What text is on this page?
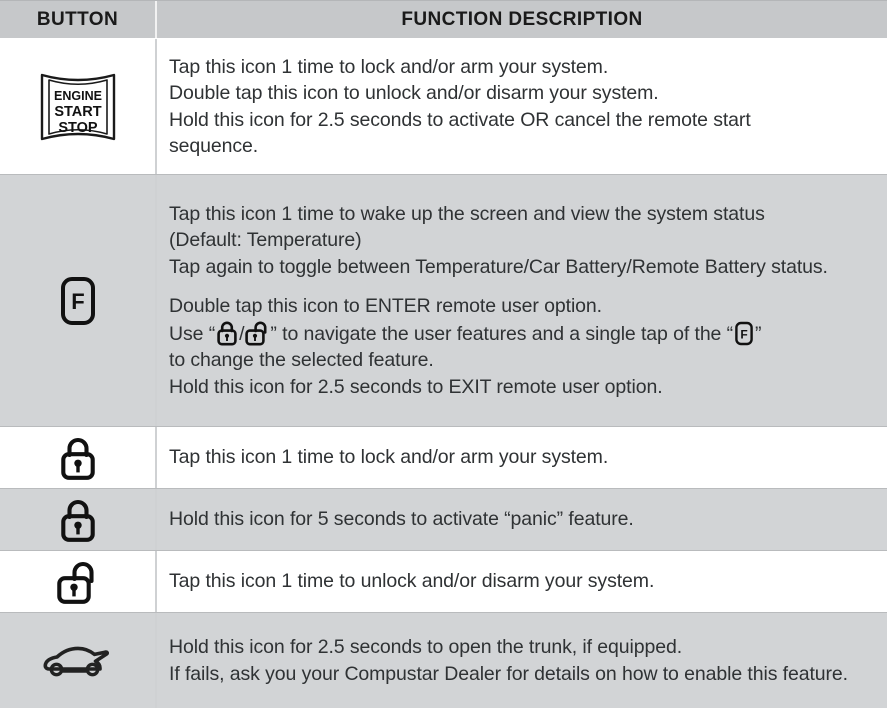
BUTTON	FUNCTION DESCRIPTION
ENGINE
START
STOP
Tap this icon 1 time to lock and/or arm your system.
Double tap this icon to unlock and/or disarm your system.
Hold this icon for 2.5 seconds to activate OR cancel the remote start
sequence.
F
Tap this icon 1 time to wake up the screen and view the system status
(Default: Temperature)
Tap again to toggle between Temperature/Car Battery/Remote Battery status.

Double tap this icon to ENTER remote user option.
Use “ / ” to navigate the user features and a single tap of the “ F ”
to change the selected feature.
Hold this icon for 2.5 seconds to EXIT remote user option.
Tap this icon 1 time to lock and/or arm your system.
Hold this icon for 5 seconds to activate “panic” feature.
Tap this icon 1 time to unlock and/or disarm your system.
Hold this icon for 2.5 seconds to open the trunk, if equipped.
If fails, ask you your Compustar Dealer for details on how to enable this feature.
